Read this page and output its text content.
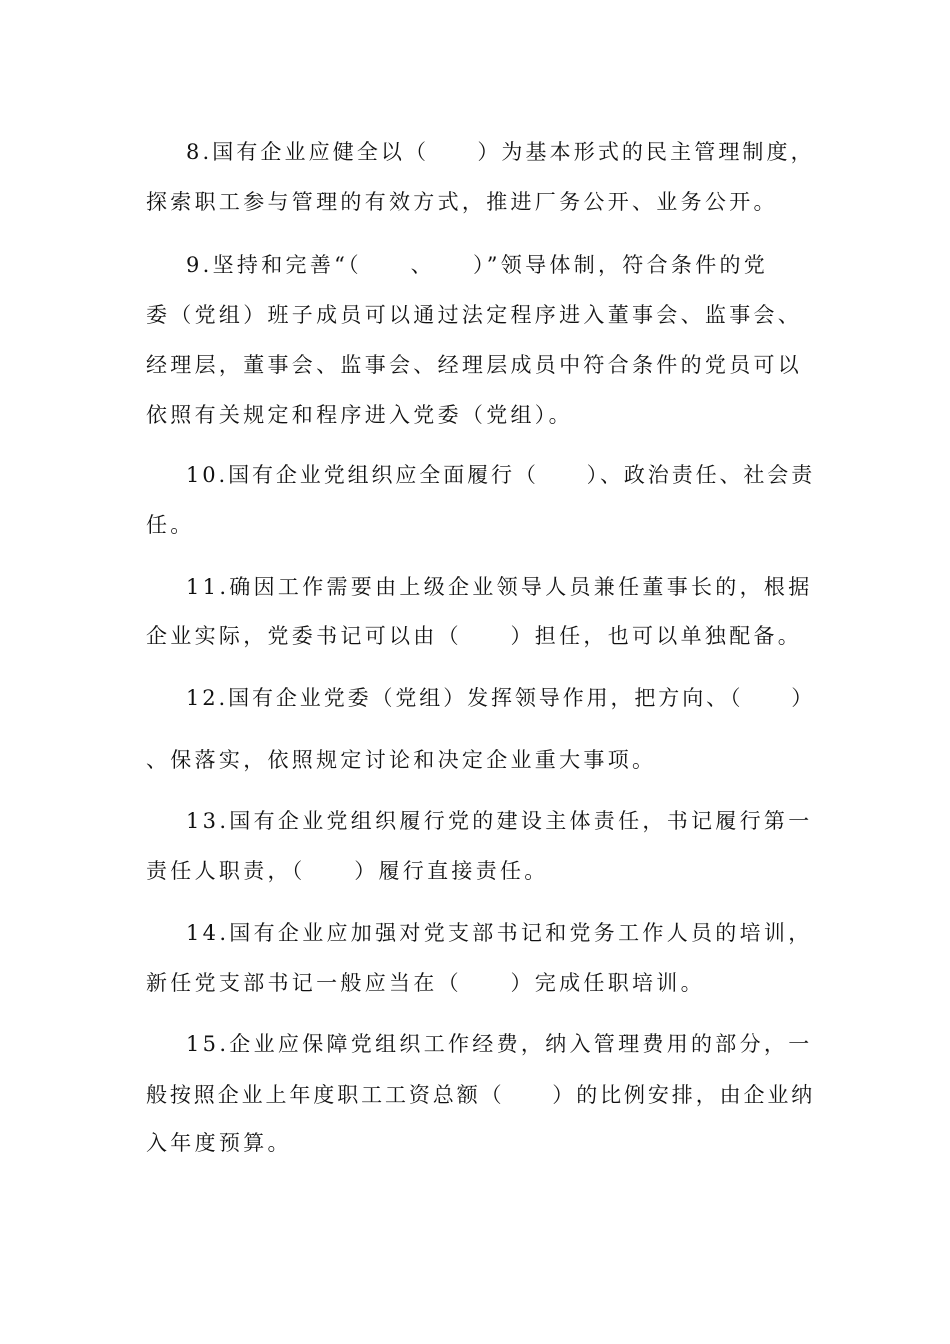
8.国有企业应健全以（　　）为基本形式的民主管理制度，
探索职工参与管理的有效方式，推进厂务公开、业务公开。
9.坚持和完善“（　　、　　）”领导体制，符合条件的党
委（党组）班子成员可以通过法定程序进入董事会、监事会、
经理层，董事会、监事会、经理层成员中符合条件的党员可以
依照有关规定和程序进入党委（党组）。
10.国有企业党组织应全面履行（　　）、政治责任、社会责
任。
11.确因工作需要由上级企业领导人员兼任董事长的，根据
企业实际，党委书记可以由（　　）担任，也可以单独配备。
12.国有企业党委（党组）发挥领导作用，把方向、（　　）
、保落实，依照规定讨论和决定企业重大事项。
13.国有企业党组织履行党的建设主体责任，书记履行第一
责任人职责，（　　）履行直接责任。
14.国有企业应加强对党支部书记和党务工作人员的培训，
新任党支部书记一般应当在（　　）完成任职培训。
15.企业应保障党组织工作经费，纳入管理费用的部分，一
般按照企业上年度职工工资总额（　　）的比例安排，由企业纳
入年度预算。
